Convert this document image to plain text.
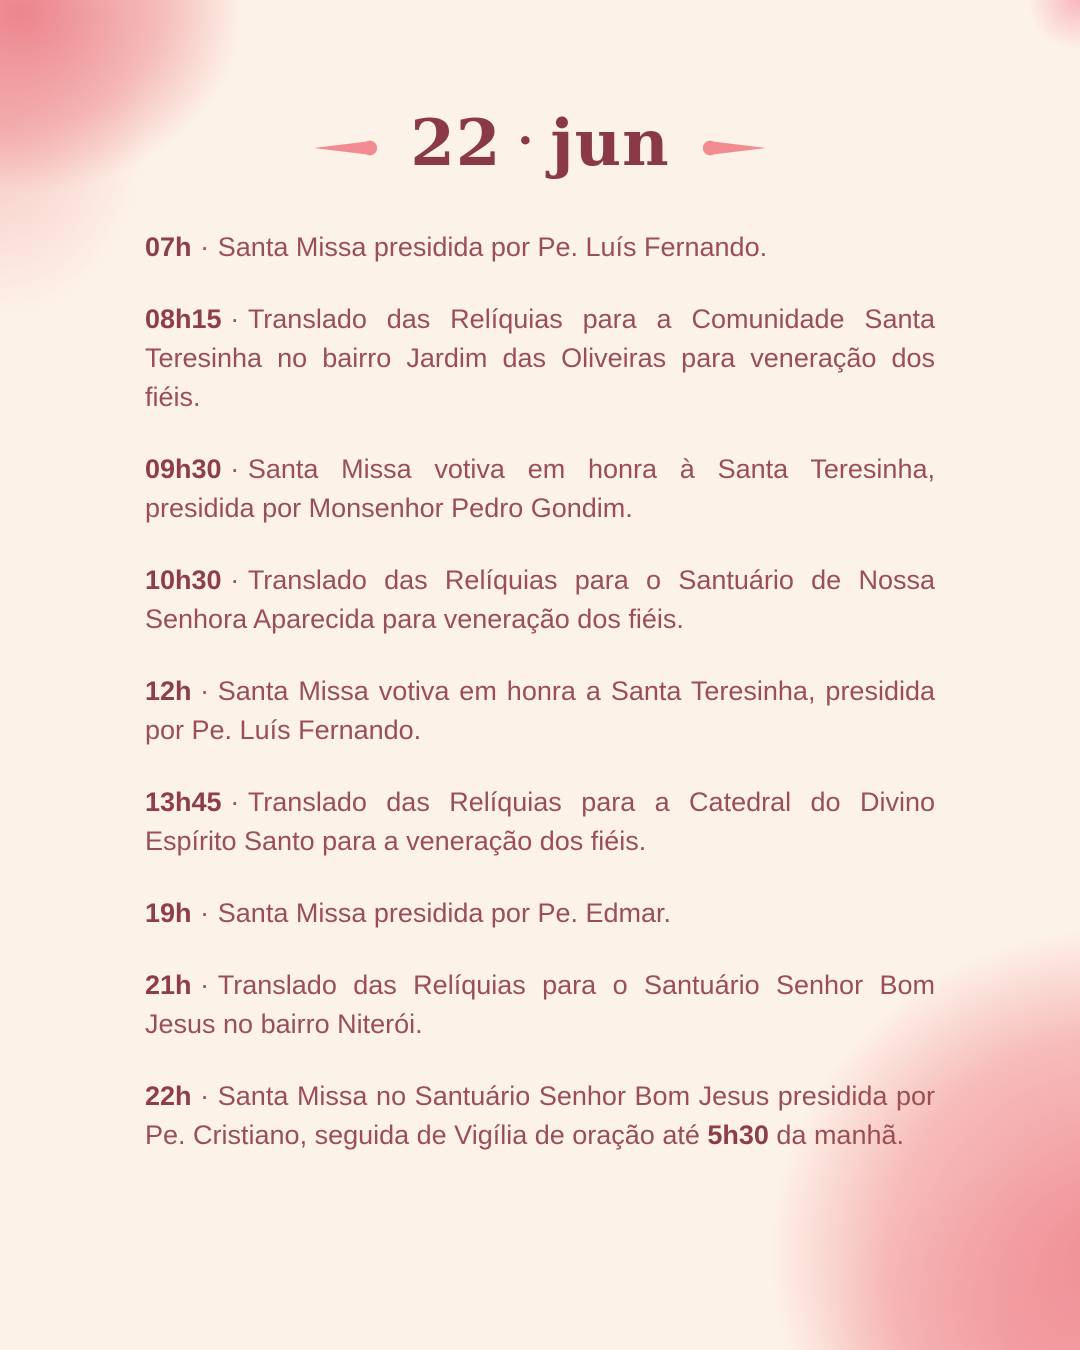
22 · jun

07h · Santa Missa presidida por Pe. Luís Fernando.

08h15 · Translado das Relíquias para a Comunidade Santa Teresinha no bairro Jardim das Oliveiras para veneração dos fiéis.

09h30 · Santa Missa votiva em honra à Santa Teresinha, presidida por Monsenhor Pedro Gondim.

10h30 · Translado das Relíquias para o Santuário de Nossa Senhora Aparecida para veneração dos fiéis.

12h · Santa Missa votiva em honra a Santa Teresinha, presidida por Pe. Luís Fernando.

13h45 · Translado das Relíquias para a Catedral do Divino Espírito Santo para a veneração dos fiéis.

19h · Santa Missa presidida por Pe. Edmar.

21h · Translado das Relíquias para o Santuário Senhor Bom Jesus no bairro Niterói.

22h · Santa Missa no Santuário Senhor Bom Jesus presidida por Pe. Cristiano, seguida de Vigília de oração até 5h30 da manhã.
